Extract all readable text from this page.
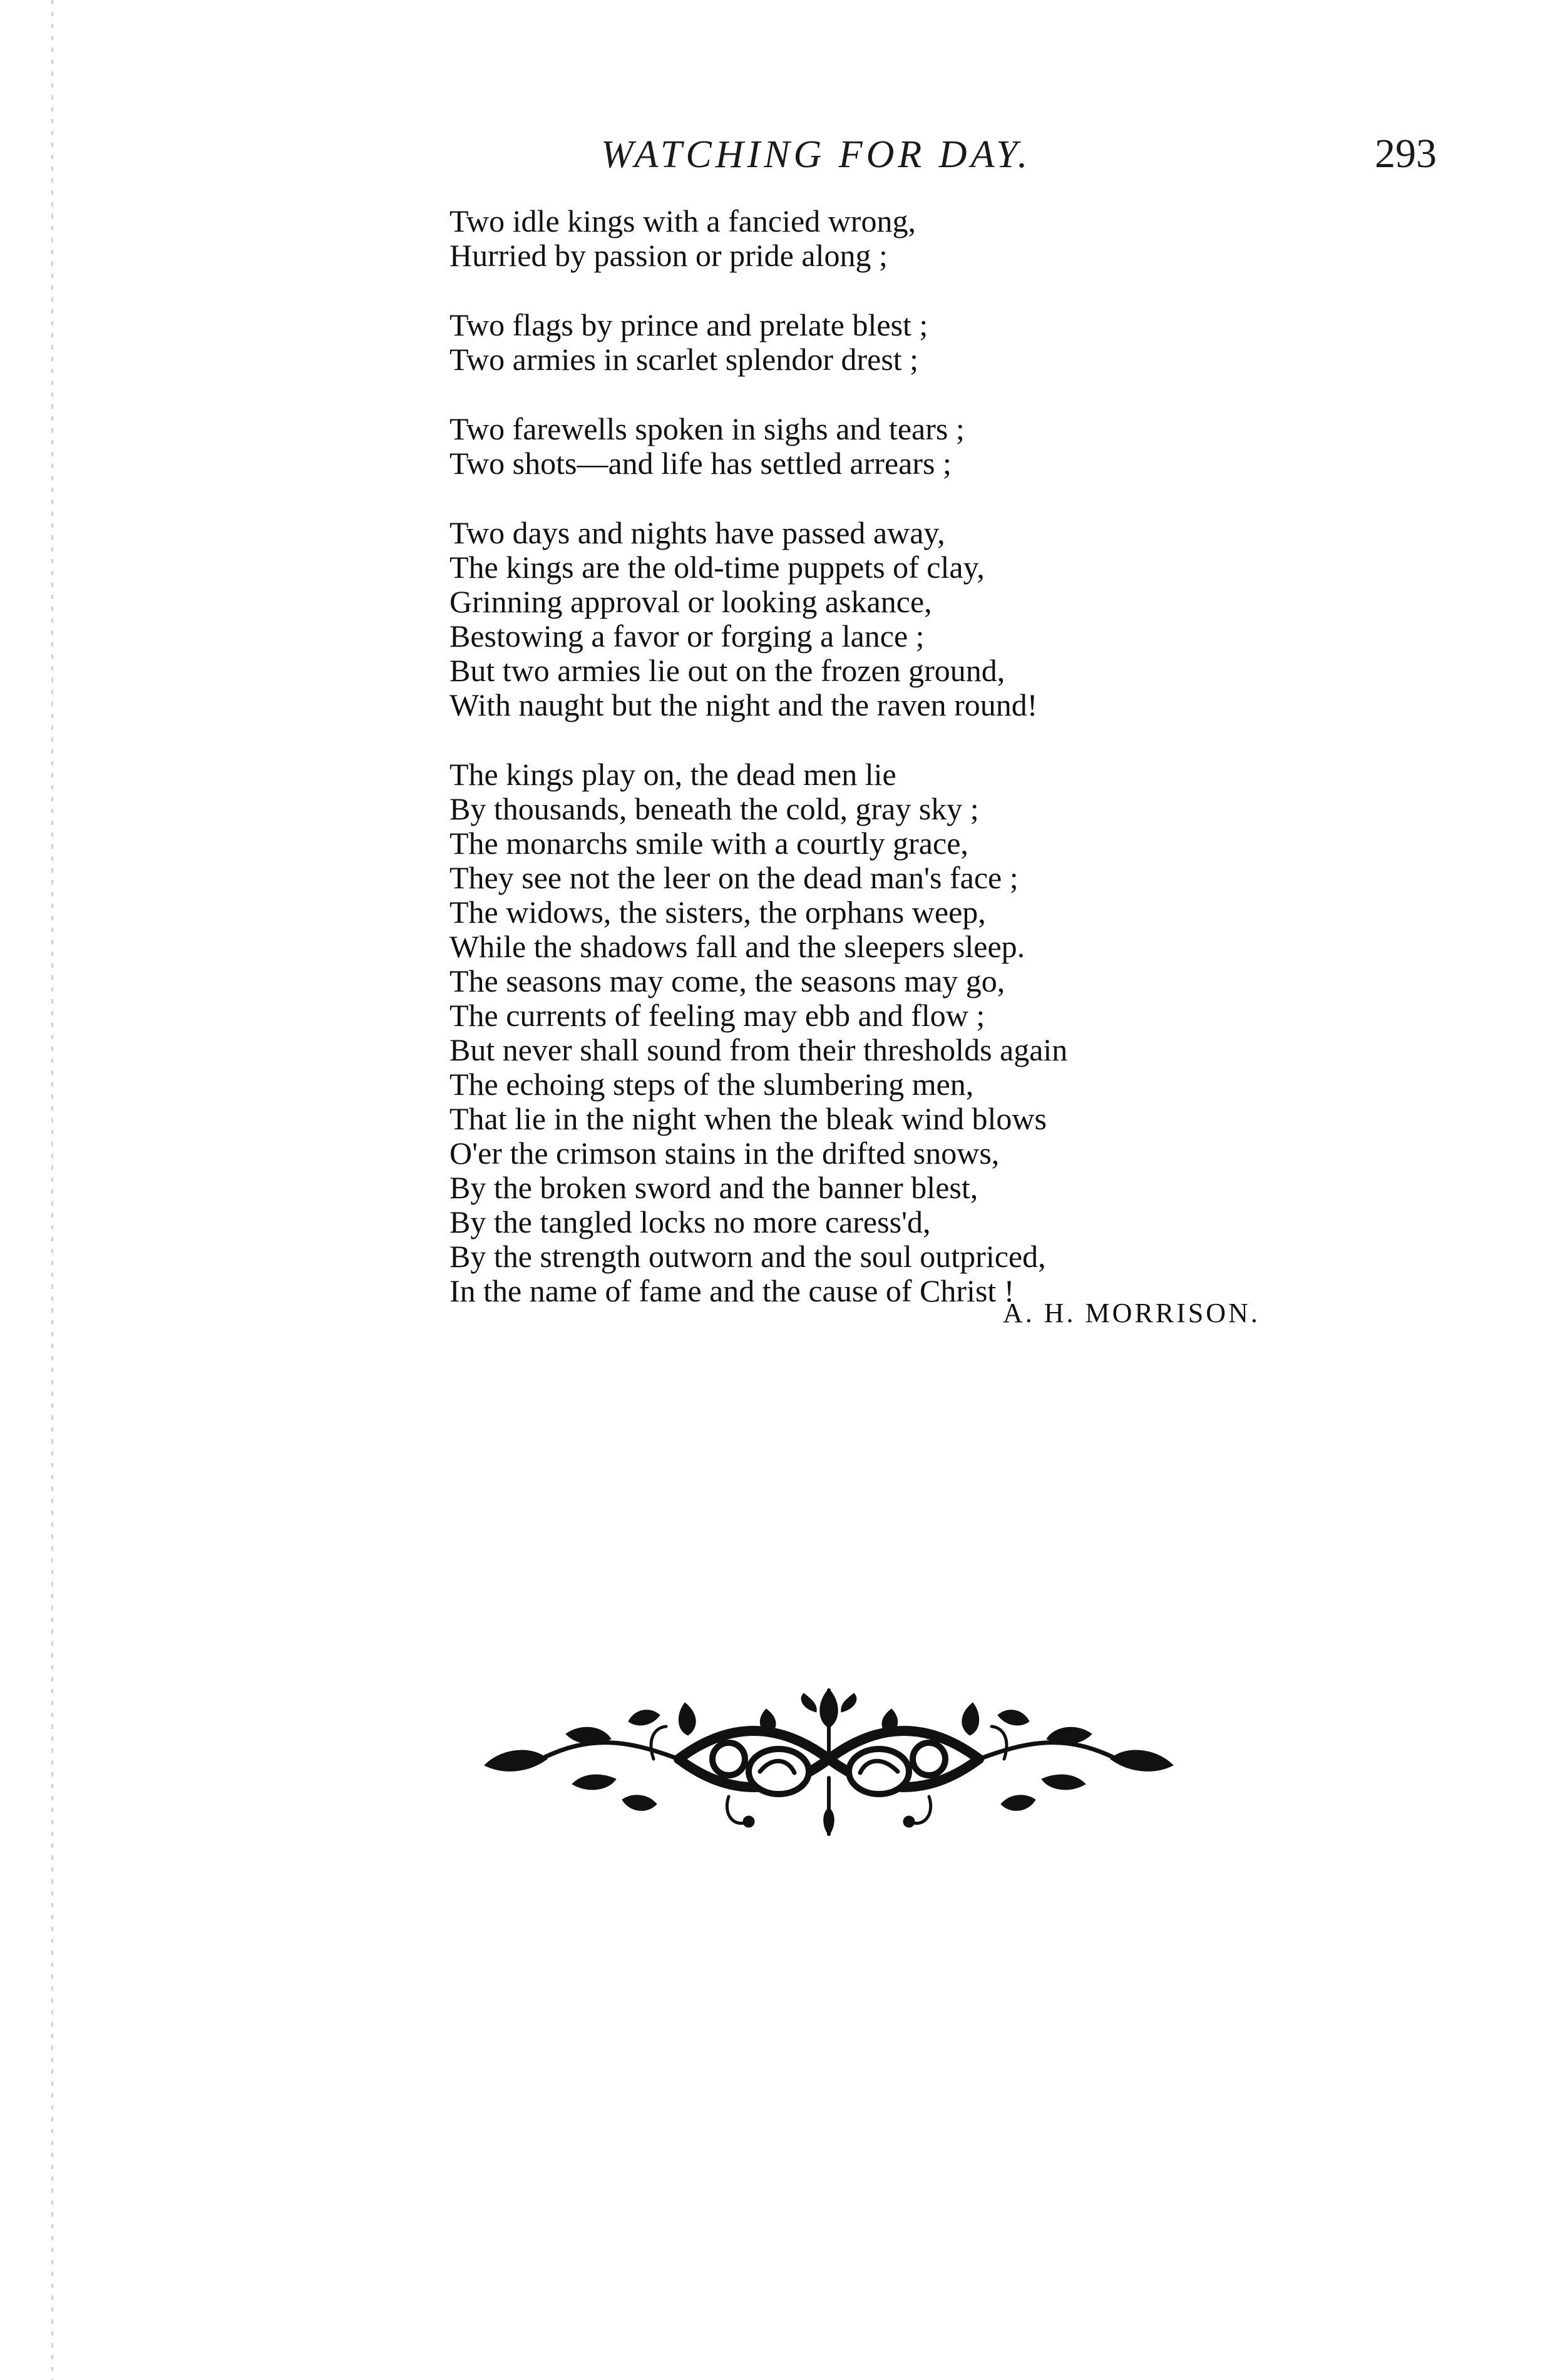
WATCHING FOR DAY.	293
Two idle kings with a fancied wrong,
Hurried by passion or pride along ;
Two flags by prince and prelate blest ;
Two armies in scarlet splendor drest ;
Two farewells spoken in sighs and tears ;
Two shots—and life has settled arrears ;
Two days and nights have passed away,
The kings are the old-time puppets of clay,
Grinning approval or looking askance,
Bestowing a favor or forging a lance ;
But two armies lie out on the frozen ground,
With naught but the night and the raven round!
The kings play on, the dead men lie
By thousands, beneath the cold, gray sky ;
The monarchs smile with a courtly grace,
They see not the leer on the dead man's face ;
The widows, the sisters, the orphans weep,
While the shadows fall and the sleepers sleep.
The seasons may come, the seasons may go,
The currents of feeling may ebb and flow ;
But never shall sound from their thresholds again
The echoing steps of the slumbering men,
That lie in the night when the bleak wind blows
O'er the crimson stains in the drifted snows,
By the broken sword and the banner blest,
By the tangled locks no more caress'd,
By the strength outworn and the soul outpriced,
In the name of fame and the cause of Christ !
A. H. MORRISON.
